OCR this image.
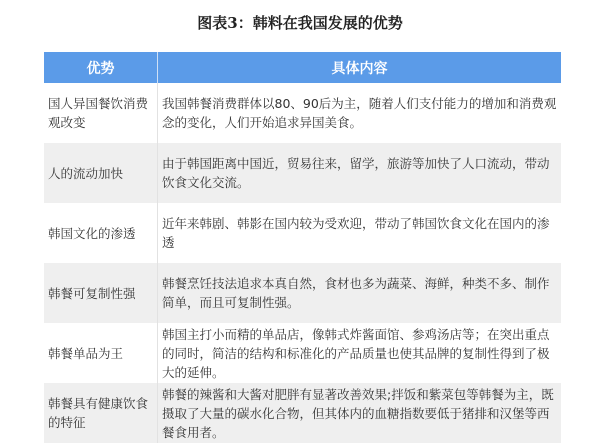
图表3：韩料在我国发展的优势
优势	具体内容
国人异国餐饮消费观改变	我国韩餐消费群体以80、90后为主，随着人们支付能力的增加和消费观念的变化，人们开始追求异国美食。
人的流动加快	由于韩国距离中国近，贸易往来，留学，旅游等加快了人口流动，带动饮食文化交流。
韩国文化的渗透	近年来韩剧、韩影在国内较为受欢迎，带动了韩国饮食文化在国内的渗透
韩餐可复制性强	韩餐烹饪技法追求本真自然，食材也多为蔬菜、海鲜，种类不多、制作简单，而且可复制性强。
韩餐单品为王	韩国主打小而精的单品店，像韩式炸酱面馆、参鸡汤店等；在突出重点的同时，简洁的结构和标准化的产品质量也使其品牌的复制性得到了极大的延伸。
韩餐具有健康饮食的特征	韩餐的辣酱和大酱对肥胖有显著改善效果;拌饭和紫菜包等韩餐为主，既摄取了大量的碳水化合物，但其体内的血糖指数要低于猪排和汉堡等西餐食用者。
